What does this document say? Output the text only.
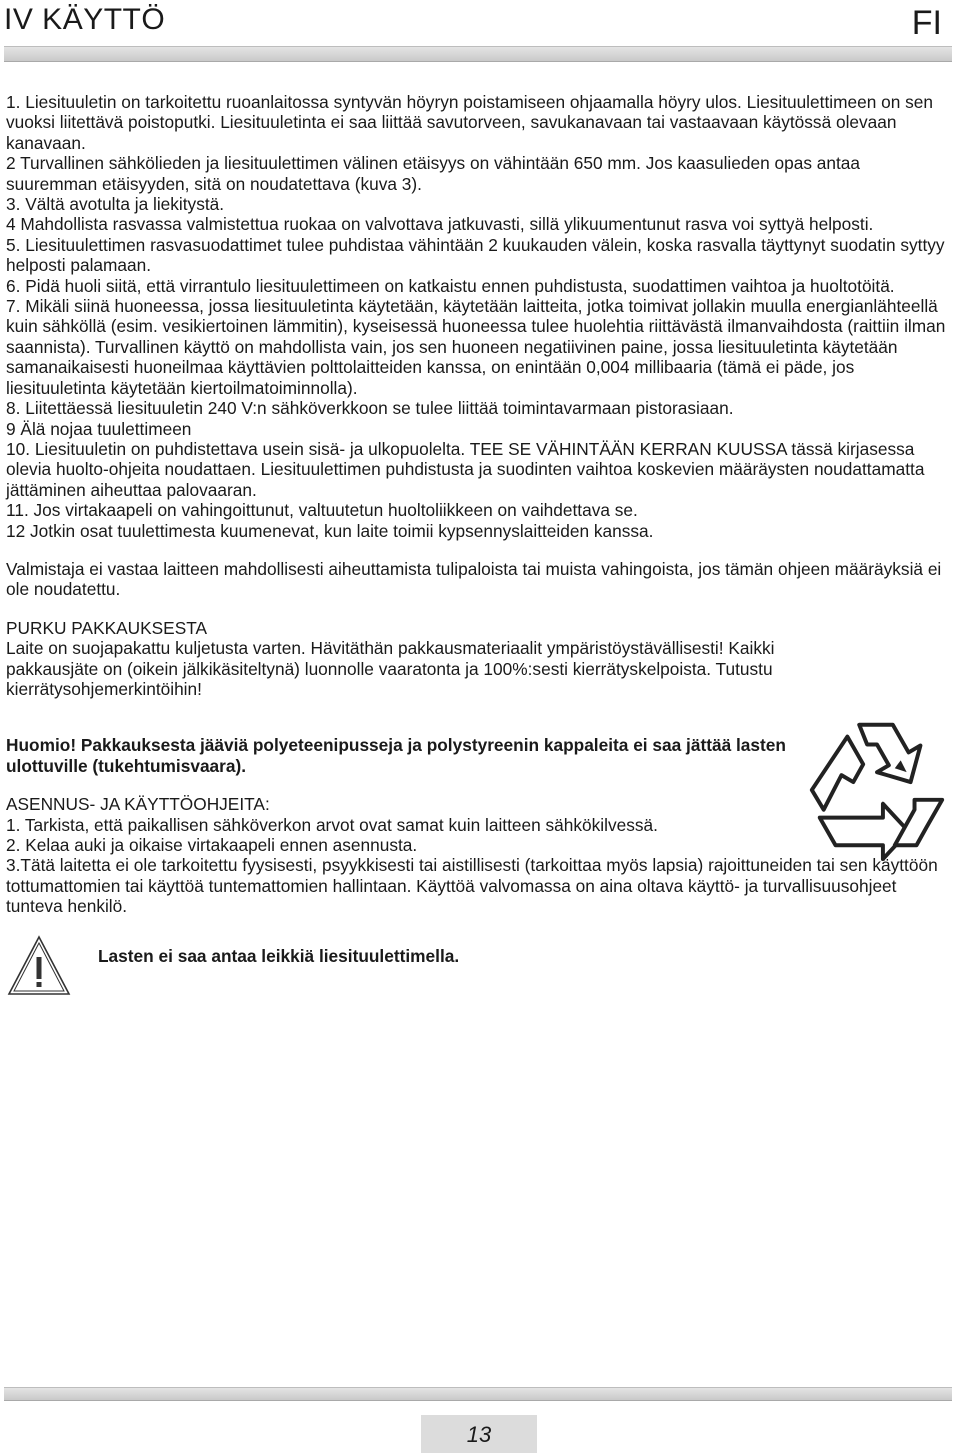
IV KÄYTTÖ	FI

1. Liesituuletin on tarkoitettu ruoanlaitossa syntyvän höyryn poistamiseen ohjaamalla höyry ulos. Liesituulettimeen on sen vuoksi liitettävä poistoputki. Liesituuletinta ei saa liittää savutorveen, savukanavaan tai vastaavaan käytössä olevaan kanavaan.

2 Turvallinen sähkölieden ja liesituulettimen välinen etäisyys on vähintään 650 mm. Jos kaasulieden opas antaa suuremman etäisyyden, sitä on noudatettava (kuva 3).

3. Vältä avotulta ja liekitystä.

4 Mahdollista rasvassa valmistettua ruokaa on valvottava jatkuvasti, sillä ylikuumentunut rasva voi syttyä helposti.

5. Liesituulettimen rasvasuodattimet tulee puhdistaa vähintään 2 kuukauden välein, koska rasvalla täyttynyt suodatin syttyy helposti palamaan.

6. Pidä huoli siitä, että virrantulo liesituulettimeen on katkaistu ennen puhdistusta, suodattimen vaihtoa ja huoltotöitä.

7. Mikäli siinä huoneessa, jossa liesituuletinta käytetään, käytetään laitteita, jotka toimivat jollakin muulla energianlähteellä kuin sähköllä (esim. vesikiertoinen lämmitin), kyseisessä huoneessa tulee huolehtia riittävästä ilmanvaihdosta (raittiin ilman saannista). Turvallinen käyttö on mahdollista vain, jos sen huoneen negatiivinen paine, jossa liesituuletinta käytetään samanaikaisesti huoneilmaa käyttävien polttolaitteiden kanssa, on enintään 0,004 millibaaria (tämä ei päde, jos liesituuletinta käytetään kiertoilmatoiminnolla).

8. Liitettäessä liesituuletin 240 V:n sähköverkkoon se tulee liittää toimintavarmaan pistorasiaan.

9 Älä nojaa tuulettimeen

10. Liesituuletin on puhdistettava usein sisä- ja ulkopuolelta. TEE SE VÄHINTÄÄN KERRAN KUUSSA tässä kirjasessa olevia huolto-ohjeita noudattaen. Liesituulettimen puhdistusta ja suodinten vaihtoa koskevien määräysten noudattamatta jättäminen aiheuttaa palovaaran.

11. Jos virtakaapeli on vahingoittunut, valtuutetun huoltoliikkeen on vaihdettava se.

12 Jotkin osat tuulettimesta kuumenevat, kun laite toimii kypsennyslaitteiden kanssa.

Valmistaja ei vastaa laitteen mahdollisesti aiheuttamista tulipaloista tai muista vahingoista, jos tämän ohjeen määräyksiä ei ole noudatettu.

PURKU PAKKAUKSESTA

Laite on suojapakattu kuljetusta varten. Hävitäthän pakkausmateriaalit ympäristöystävällisesti! Kaikki pakkausjäte on (oikein jälkikäsiteltynä) luonnolle vaaratonta ja 100%:sesti kierrätyskelpoista. Tutustu kierrätysohjemerkintöihin!

Huomio! Pakkauksesta jääviä polyeteenipusseja ja polystyreenin kappaleita ei saa jättää lasten ulottuville (tukehtumisvaara).

ASENNUS- JA KÄYTTÖOHJEITA:

1. Tarkista, että paikallisen sähköverkon arvot ovat samat kuin laitteen sähkökilvessä.

2. Kelaa auki ja oikaise virtakaapeli ennen asennusta.

3.Tätä laitetta ei ole tarkoitettu fyysisesti, psyykkisesti tai aistillisesti (tarkoittaa myös lapsia) rajoittuneiden tai sen käyttöön tottumattomien tai käyttöä tuntemattomien hallintaan. Käyttöä valvomassa on aina oltava käyttö- ja turvallisuusohjeet tunteva henkilö.

Lasten ei saa antaa leikkiä liesituulettimella.
13
